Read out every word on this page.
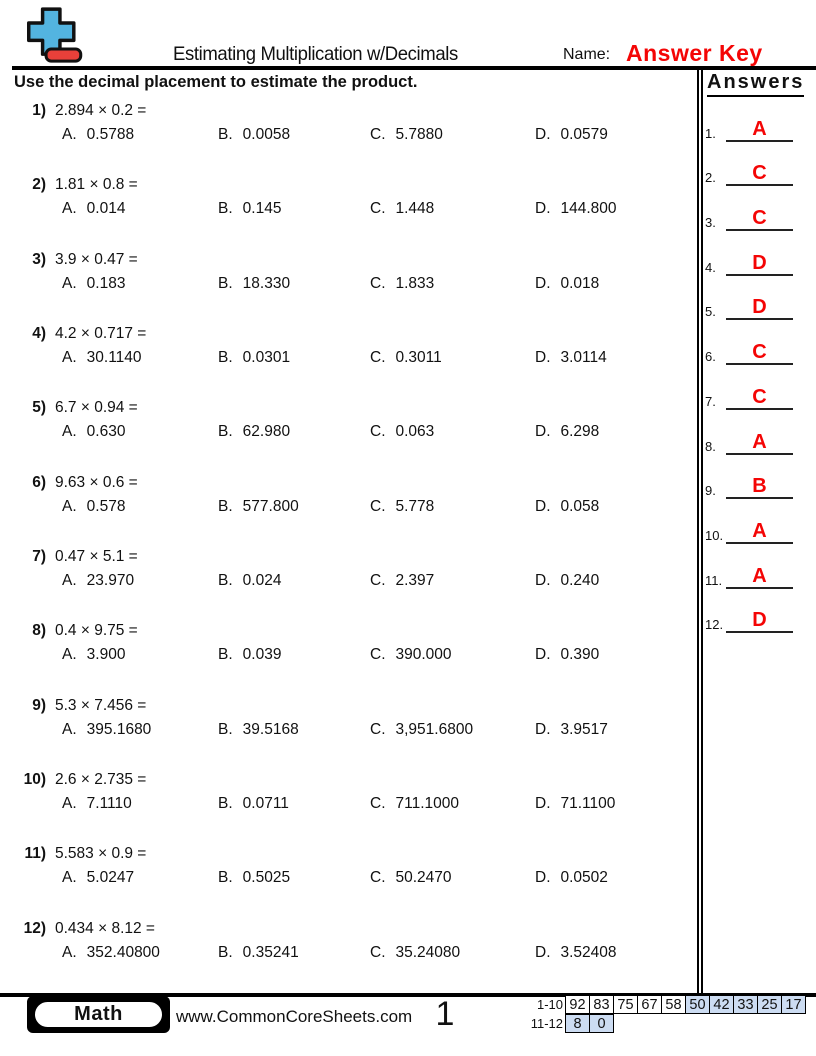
Estimating Multiplication w/Decimals	Name: Answer Key
Use the decimal placement to estimate the product.
1) 2.894 × 0.2 =
A. 0.5788	B. 0.0058	C. 5.7880	D. 0.0579
2) 1.81 × 0.8 =
A. 0.014	B. 0.145	C. 1.448	D. 144.800
3) 3.9 × 0.47 =
A. 0.183	B. 18.330	C. 1.833	D. 0.018
4) 4.2 × 0.717 =
A. 30.1140	B. 0.0301	C. 0.3011	D. 3.0114
5) 6.7 × 0.94 =
A. 0.630	B. 62.980	C. 0.063	D. 6.298
6) 9.63 × 0.6 =
A. 0.578	B. 577.800	C. 5.778	D. 0.058
7) 0.47 × 5.1 =
A. 23.970	B. 0.024	C. 2.397	D. 0.240
8) 0.4 × 9.75 =
A. 3.900	B. 0.039	C. 390.000	D. 0.390
9) 5.3 × 7.456 =
A. 395.1680	B. 39.5168	C. 3,951.6800	D. 3.9517
10) 2.6 × 2.735 =
A. 7.1110	B. 0.0711	C. 711.1000	D. 71.1100
11) 5.583 × 0.9 =
A. 5.0247	B. 0.5025	C. 50.2470	D. 0.0502
12) 0.434 × 8.12 =
A. 352.40800	B. 0.35241	C. 35.24080	D. 3.52408
Answers
1.	A
2.	C
3.	C
4.	D
5.	D
6.	C
7.	C
8.	A
9.	B
10.	A
11.	A
12.	D
Math	www.CommonCoreSheets.com 1	1-10 92 83 75 67 58 50 42 33 25 17
11-12 8	0
